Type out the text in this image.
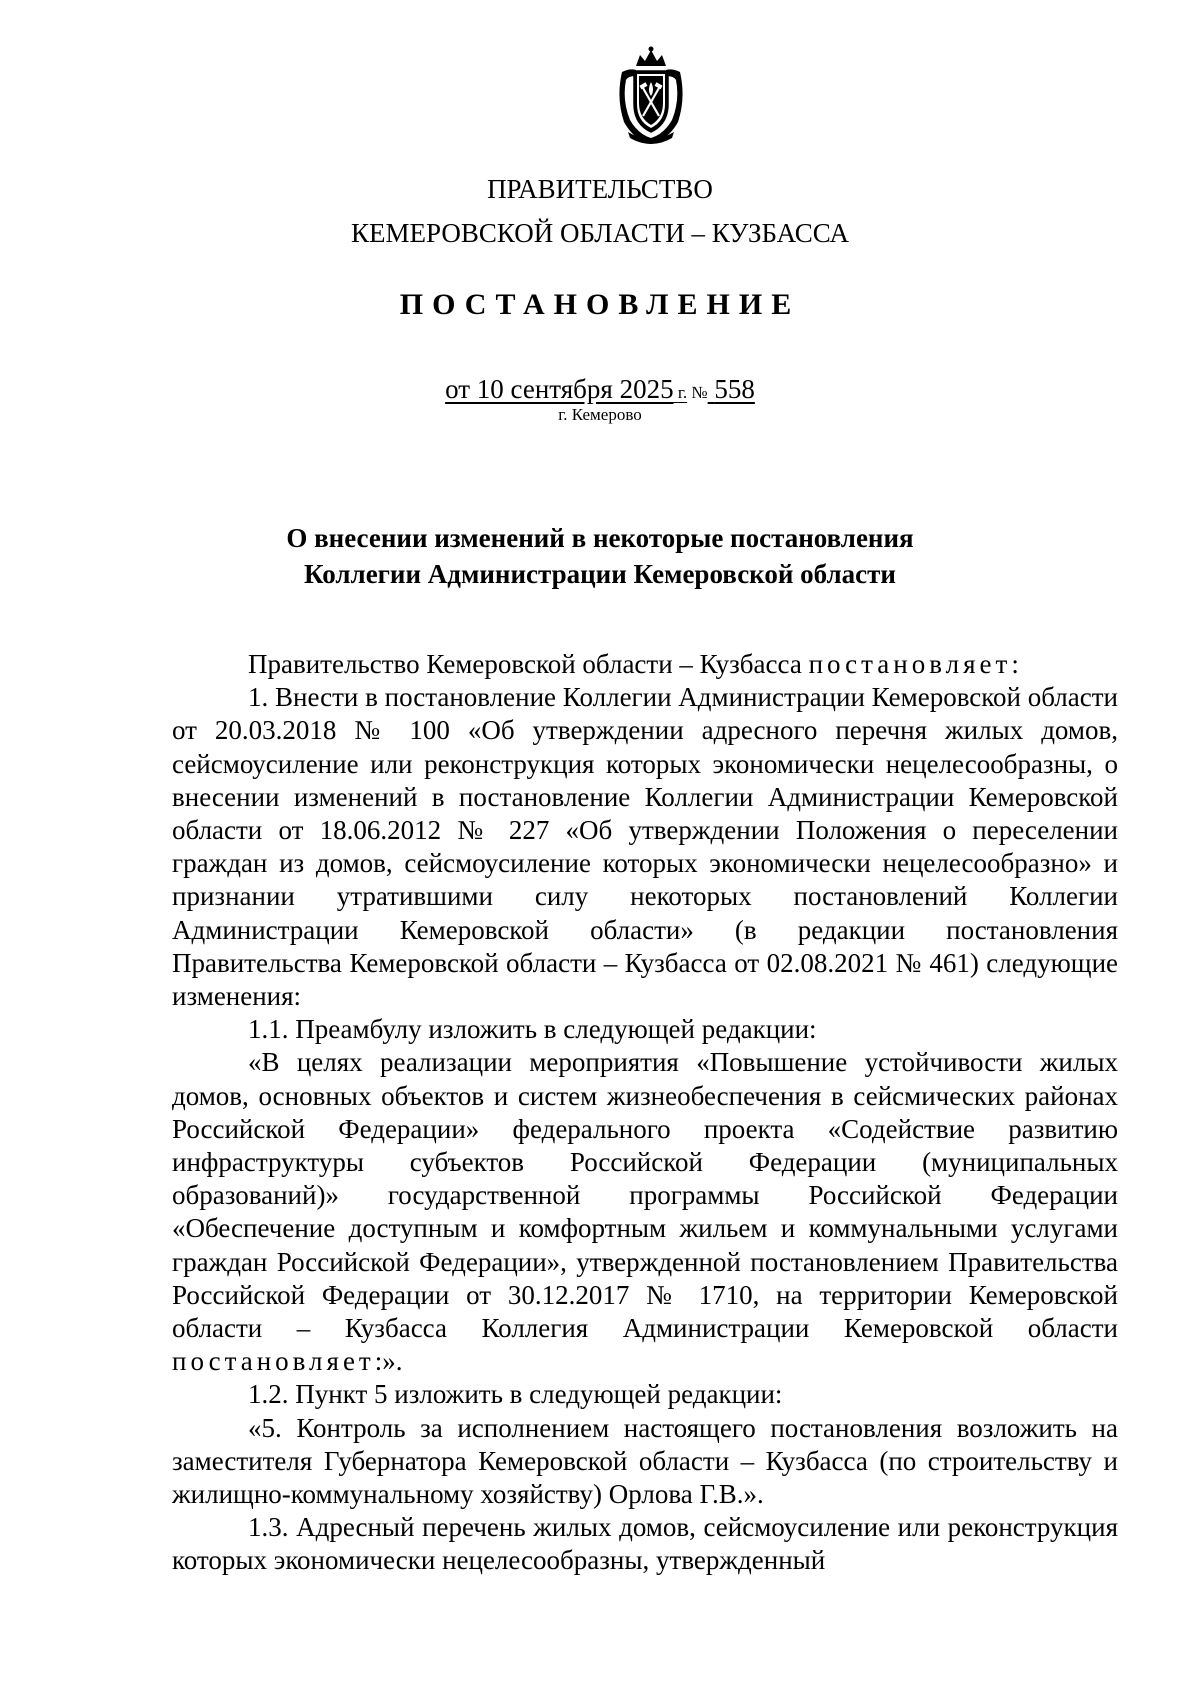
ПРАВИТЕЛЬСТВО
КЕМЕРОВСКОЙ ОБЛАСТИ – КУЗБАССА
ПОСТАНОВЛЕНИЕ
от 10 сентября 2025 г. № 558
г. Кемерово
О внесении изменений в некоторые постановления
Коллегии Администрации Кемеровской области

Правительство Кемеровской области – Кузбасса постановляет:

1. Внести в постановление Коллегии Администрации Кемеровской области от 20.03.2018 № 100 «Об утверждении адресного перечня жилых домов, сейсмоусиление или реконструкция которых экономически нецелесообразны, о внесении изменений в постановление Коллегии Администрации Кемеровской области от 18.06.2012 № 227 «Об утверждении Положения о переселении граждан из домов, сейсмоусиление которых экономически нецелесообразно» и признании утратившими силу некоторых постановлений Коллегии Администрации Кемеровской области» (в редакции постановления Правительства Кемеровской области – Кузбасса от 02.08.2021 № 461) следующие изменения:

1.1. Преамбулу изложить в следующей редакции:

«В целях реализации мероприятия «Повышение устойчивости жилых домов, основных объектов и систем жизнеобеспечения в сейсмических районах Российской Федерации» федерального проекта «Содействие развитию инфраструктуры субъектов Российской Федерации (муниципальных образований)» государственной программы Российской Федерации «Обеспечение доступным и комфортным жильем и коммунальными услугами граждан Российской Федерации», утвержденной постановлением Правительства Российской Федерации от 30.12.2017 № 1710, на территории Кемеровской области – Кузбасса Коллегия Администрации Кемеровской области постановляет:».

1.2. Пункт 5 изложить в следующей редакции:

«5. Контроль за исполнением настоящего постановления возложить на заместителя Губернатора Кемеровской области – Кузбасса (по строительству и жилищно-коммунальному хозяйству) Орлова Г.В.».

1.3. Адресный перечень жилых домов, сейсмоусиление или реконструкция которых экономически нецелесообразны, утвержденный
